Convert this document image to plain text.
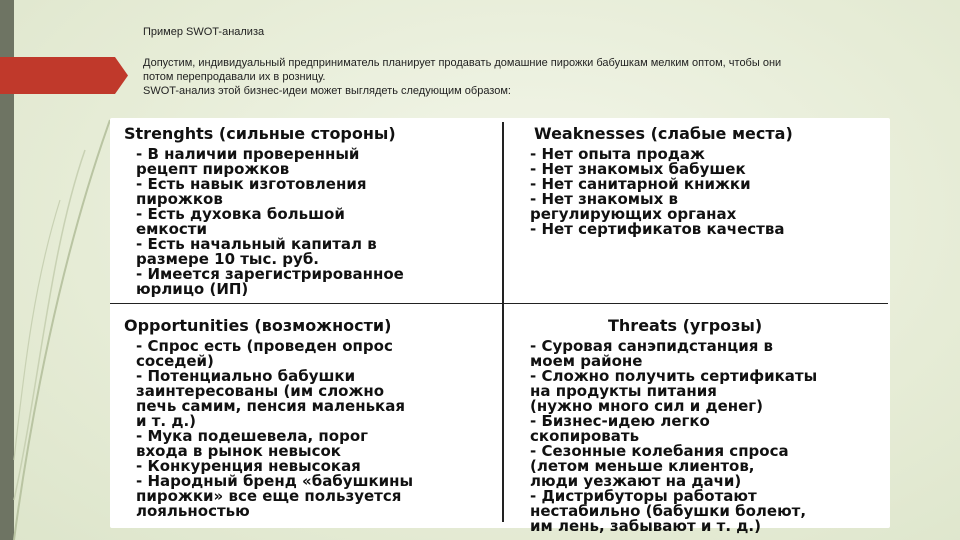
Пример SWOT-анализа

Допустим, индивидуальный предприниматель планирует продавать домашние пирожки бабушкам мелким оптом, чтобы они

потом перепродавали их в розницу.

SWOT-анализ этой бизнес-идеи может выглядеть следующим образом:

Strenghts (сильные стороны)

- В наличии проверенный
рецепт пирожков

- Есть навык изготовления
пирожков

- Есть духовка большой
емкости

- Есть начальный капитал в
размере 10 тыс. руб.

- Имеется зарегистрированное
юрлицо (ИП)

Weaknesses (слабые места)

- Нет опыта продаж

- Нет знакомых бабушек

- Нет санитарной книжки

- Нет знакомых в
регулирующих органах

- Нет сертификатов качества

Opportunities (возможности)

- Спрос есть (проведен опрос
соседей)

- Потенциально бабушки
заинтересованы (им сложно
печь самим, пенсия маленькая
и т. д.)

- Мука подешевела, порог
входа в рынок невысок

- Конкуренция невысокая

- Народный бренд «бабушкины
пирожки» все еще пользуется
лояльностью

Threats (угрозы)

- Суровая санэпидстанция в
моем районе

- Сложно получить сертификаты
на продукты питания
(нужно много сил и денег)

- Бизнес-идею легко
скопировать

- Сезонные колебания спроса
(летом меньше клиентов,
люди уезжают на дачи)

- Дистрибуторы работают
нестабильно (бабушки болеют,
им лень, забывают и т. д.)
